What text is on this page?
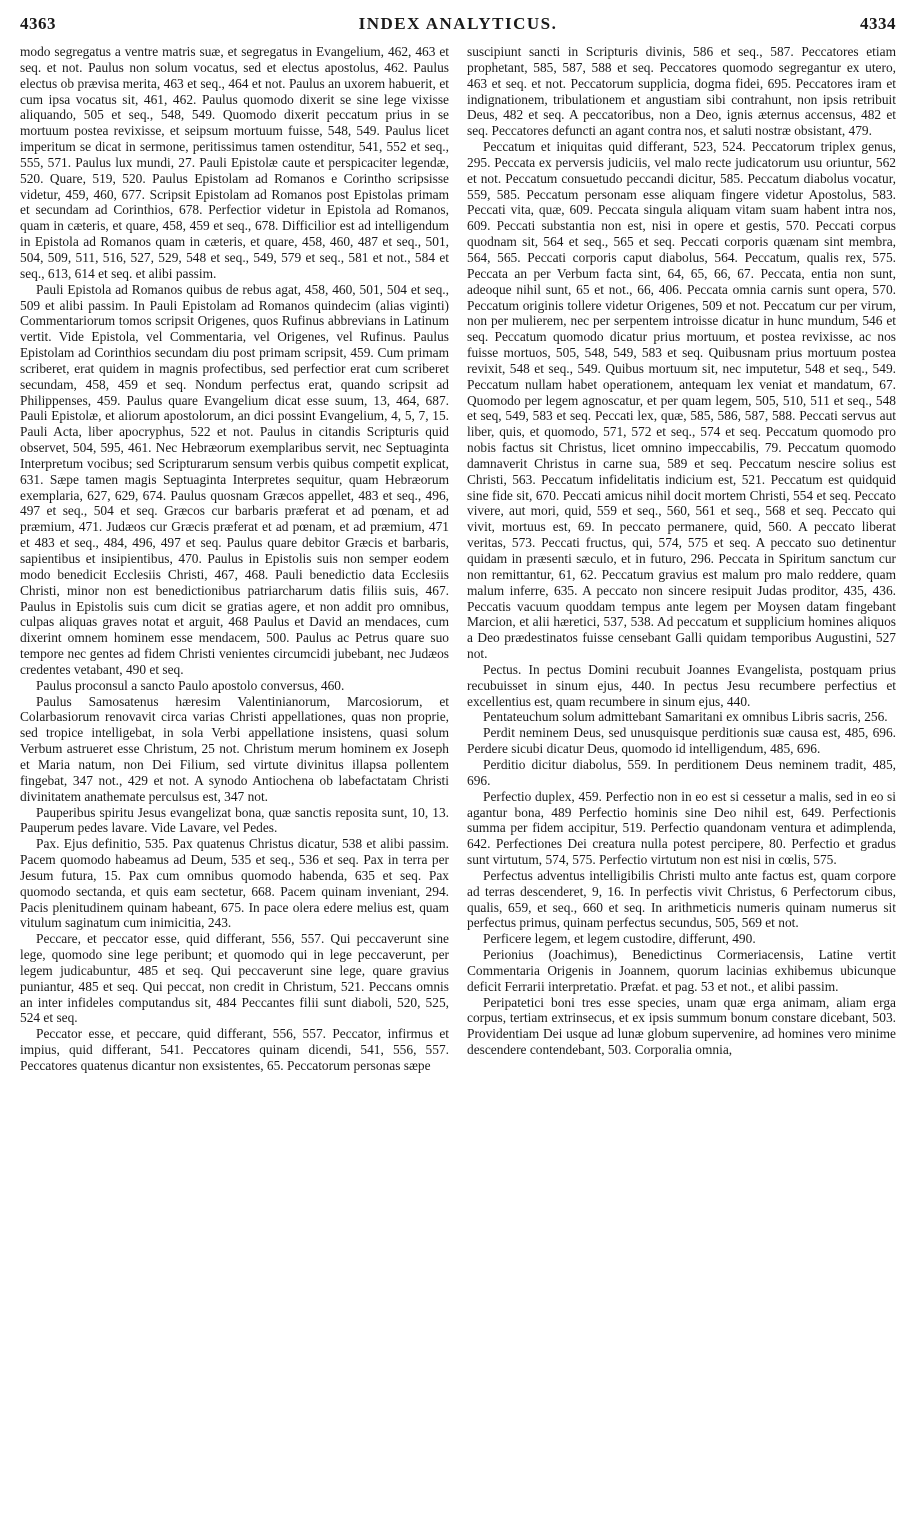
4363	INDEX ANALYTICUS.	4334

modo segregatus a ventre matris suæ, et segregatus in Evangelium, 462, 463 et seq. et not. Paulus non solum vocatus, sed et electus apostolus, 462. Paulus electus ob prævisa merita, 463 et seq., 464 et not. Paulus an uxorem habuerit, et cum ipsa vocatus sit, 461, 462. Paulus quomodo dixerit se sine lege vixisse aliquando, 505 et seq., 548, 549. Quomodo dixerit peccatum prius in se mortuum postea revixisse, et seipsum mortuum fuisse, 548, 549. Paulus licet imperitum se dicat in sermone, peritissimus tamen ostenditur, 541, 552 et seq., 555, 571. Paulus lux mundi, 27. Pauli Epistolæ caute et perspicaciter legendæ, 520. Quare, 519, 520. Paulus Epistolam ad Romanos e Corintho scripsisse videtur, 459, 460, 677. Scripsit Epistolam ad Romanos post Epistolas primam et secundam ad Corinthios, 678. Perfectior videtur in Epistola ad Romanos, quam in cæteris, et quare, 458, 459 et seq., 678. Difficilior est ad intelligendum in Epistola ad Romanos quam in cæteris, et quare, 458, 460, 487 et seq., 501, 504, 509, 511, 516, 527, 529, 548 et seq., 549, 579 et seq., 581 et not., 584 et seq., 613, 614 et seq. et alibi passim.

Pauli Epistola ad Romanos quibus de rebus agat, 458, 460, 501, 504 et seq., 509 et alibi passim. In Pauli Epistolam ad Romanos quindecim (alias viginti) Commentariorum tomos scripsit Origenes, quos Rufinus abbrevians in Latinum vertit. Vide Epistola, vel Commentaria, vel Origenes, vel Rufinus. Paulus Epistolam ad Corinthios secundam diu post primam scripsit, 459. Cum primam scriberet, erat quidem in magnis profectibus, sed perfectior erat cum scriberet secundam, 458, 459 et seq. Nondum perfectus erat, quando scripsit ad Philippenses, 459. Paulus quare Evangelium dicat esse suum, 13, 464, 687. Pauli Epistolæ, et aliorum apostolorum, an dici possint Evangelium, 4, 5, 7, 15. Pauli Acta, liber apocryphus, 522 et not. Paulus in citandis Scripturis quid observet, 504, 595, 461. Nec Hebræorum exemplaribus servit, nec Septuaginta Interpretum vocibus; sed Scripturarum sensum verbis quibus competit explicat, 631. Sæpe tamen magis Septuaginta Interpretes sequitur, quam Hebræorum exemplaria, 627, 629, 674. Paulus quosnam Græcos appellet, 483 et seq., 496, 497 et seq., 504 et seq. Græcos cur barbaris præferat et ad pœnam, et ad præmium, 471. Judæos cur Græcis præferat et ad pœnam, et ad præmium, 471 et 483 et seq., 484, 496, 497 et seq. Paulus quare debitor Græcis et barbaris, sapientibus et insipientibus, 470. Paulus in Epistolis suis non semper eodem modo benedicit Ecclesiis Christi, 467, 468. Pauli benedictio data Ecclesiis Christi, minor non est benedictionibus patriarcharum datis filiis suis, 467. Paulus in Epistolis suis cum dicit se gratias agere, et non addit pro omnibus, culpas aliquas graves notat et arguit, 468 Paulus et David an mendaces, cum dixerint omnem hominem esse mendacem, 500. Paulus ac Petrus quare suo tempore nec gentes ad fidem Christi venientes circumcidi jubebant, nec Judæos credentes vetabant, 490 et seq.

Paulus proconsul a sancto Paulo apostolo conversus, 460.

Paulus Samosatenus hæresim Valentinianorum, Marcosiorum, et Colarbasiorum renovavit circa varias Christi appellationes, quas non proprie, sed tropice intelligebat, in sola Verbi appellatione insistens, quasi solum Verbum astrueret esse Christum, 25 not. Christum merum hominem ex Joseph et Maria natum, non Dei Filium, sed virtute divinitus illapsa pollentem fingebat, 347 not., 429 et not. A synodo Antiochena ob labefactatam Christi divinitatem anathemate perculsus est, 347 not.

Pauperibus spiritu Jesus evangelizat bona, quæ sanctis reposita sunt, 10, 13. Pauperum pedes lavare. Vide Lavare, vel Pedes.

Pax. Ejus definitio, 535. Pax quatenus Christus dicatur, 538 et alibi passim. Pacem quomodo habeamus ad Deum, 535 et seq., 536 et seq. Pax in terra per Jesum futura, 15. Pax cum omnibus quomodo habenda, 635 et seq. Pax quomodo sectanda, et quis eam sectetur, 668. Pacem quinam inveniant, 294. Pacis plenitudinem quinam habeant, 675. In pace olera edere melius est, quam vitulum saginatum cum inimicitia, 243.

Peccare, et peccator esse, quid differant, 556, 557. Qui peccaverunt sine lege, quomodo sine lege peribunt; et quomodo qui in lege peccaverunt, per legem judicabuntur, 485 et seq. Qui peccaverunt sine lege, quare gravius puniantur, 485 et seq. Qui peccat, non credit in Christum, 521. Peccans omnis an inter infideles computandus sit, 484 Peccantes filii sunt diaboli, 520, 525, 524 et seq.

Peccator esse, et peccare, quid differant, 556, 557. Peccator, infirmus et impius, quid differant, 541. Peccatores quinam dicendi, 541, 556, 557. Peccatores quatenus dicantur non exsistentes, 65. Peccatorum personas sæpe

suscipiunt sancti in Scripturis divinis, 586 et seq., 587. Peccatores etiam prophetant, 585, 587, 588 et seq. Peccatores quomodo segregantur ex utero, 463 et seq. et not. Peccatorum supplicia, dogma fidei, 695. Peccatores iram et indignationem, tribulationem et angustiam sibi contrahunt, non ipsis retribuit Deus, 482 et seq. A peccatoribus, non a Deo, ignis æternus accensus, 482 et seq. Peccatores defuncti an agant contra nos, et saluti nostræ obsistant, 479.

Peccatum et iniquitas quid differant, 523, 524. Peccatorum triplex genus, 295. Peccata ex perversis judiciis, vel malo recte judicatorum usu oriuntur, 562 et not. Peccatum consuetudo peccandi dicitur, 585. Peccatum diabolus vocatur, 559, 585. Peccatum personam esse aliquam fingere videtur Apostolus, 583. Peccati vita, quæ, 609. Peccata singula aliquam vitam suam habent intra nos, 609. Peccati substantia non est, nisi in opere et gestis, 570. Peccati corpus quodnam sit, 564 et seq., 565 et seq. Peccati corporis quænam sint membra, 564, 565. Peccati corporis caput diabolus, 564. Peccatum, qualis rex, 575. Peccata an per Verbum facta sint, 64, 65, 66, 67. Peccata, entia non sunt, adeoque nihil sunt, 65 et not., 66, 406. Peccata omnia carnis sunt opera, 570. Peccatum originis tollere videtur Origenes, 509 et not. Peccatum cur per virum, non per mulierem, nec per serpentem introisse dicatur in hunc mundum, 546 et seq. Peccatum quomodo dicatur prius mortuum, et postea revixisse, ac nos fuisse mortuos, 505, 548, 549, 583 et seq. Quibusnam prius mortuum postea revixit, 548 et seq., 549. Quibus mortuum sit, nec imputetur, 548 et seq., 549. Peccatum nullam habet operationem, antequam lex veniat et mandatum, 67. Quomodo per legem agnoscatur, et per quam legem, 505, 510, 511 et seq., 548 et seq, 549, 583 et seq. Peccati lex, quæ, 585, 586, 587, 588. Peccati servus aut liber, quis, et quomodo, 571, 572 et seq., 574 et seq. Peccatum quomodo pro nobis factus sit Christus, licet omnino impeccabilis, 79. Peccatum quomodo damnaverit Christus in carne sua, 589 et seq. Peccatum nescire solius est Christi, 563. Peccatum infidelitatis indicium est, 521. Peccatum est quidquid sine fide sit, 670. Peccati amicus nihil docit mortem Christi, 554 et seq. Peccato vivere, aut mori, quid, 559 et seq., 560, 561 et seq., 568 et seq. Peccato qui vivit, mortuus est, 69. In peccato permanere, quid, 560. A peccato liberat veritas, 573. Peccati fructus, qui, 574, 575 et seq. A peccato suo detinentur quidam in præsenti sæculo, et in futuro, 296. Peccata in Spiritum sanctum cur non remittantur, 61, 62. Peccatum gravius est malum pro malo reddere, quam malum inferre, 635. A peccato non sincere resipuit Judas proditor, 435, 436. Peccatis vacuum quoddam tempus ante legem per Moysen datam fingebant Marcion, et alii hæretici, 537, 538. Ad peccatum et supplicium homines aliquos a Deo prædestinatos fuisse censebant Galli quidam temporibus Augustini, 527 not.

Pectus. In pectus Domini recubuit Joannes Evangelista, postquam prius recubuisset in sinum ejus, 440. In pectus Jesu recumbere perfectius et excellentius est, quam recumbere in sinum ejus, 440.

Pentateuchum solum admittebant Samaritani ex omnibus Libris sacris, 256.

Perdit neminem Deus, sed unusquisque perditionis suæ causa est, 485, 696. Perdere sicubi dicatur Deus, quomodo id intelligendum, 485, 696.

Perditio dicitur diabolus, 559. In perditionem Deus neminem tradit, 485, 696.

Perfectio duplex, 459. Perfectio non in eo est si cessetur a malis, sed in eo si agantur bona, 489 Perfectio hominis sine Deo nihil est, 649. Perfectionis summa per fidem accipitur, 519. Perfectio quandonam ventura et adimplenda, 642. Perfectiones Dei creatura nulla potest percipere, 80. Perfectio et gradus sunt virtutum, 574, 575. Perfectio virtutum non est nisi in cœlis, 575.

Perfectus adventus intelligibilis Christi multo ante factus est, quam corpore ad terras descenderet, 9, 16. In perfectis vivit Christus, 6 Perfectorum cibus, qualis, 659, et seq., 660 et seq. In arithmeticis numeris quinam numerus sit perfectus primus, quinam perfectus secundus, 505, 569 et not.

Perficere legem, et legem custodire, differunt, 490.

Perionius (Joachimus), Benedictinus Cormeriacensis, Latine vertit Commentaria Origenis in Joannem, quorum lacinias exhibemus ubicunque deficit Ferrarii interpretatio. Præfat. et pag. 53 et not., et alibi passim.

Peripatetici boni tres esse species, unam quæ erga animam, aliam erga corpus, tertiam extrinsecus, et ex ipsis summum bonum constare dicebant, 503. Providentiam Dei usque ad lunæ globum supervenire, ad homines vero minime descendere contendebant, 503. Corporalia omnia,
